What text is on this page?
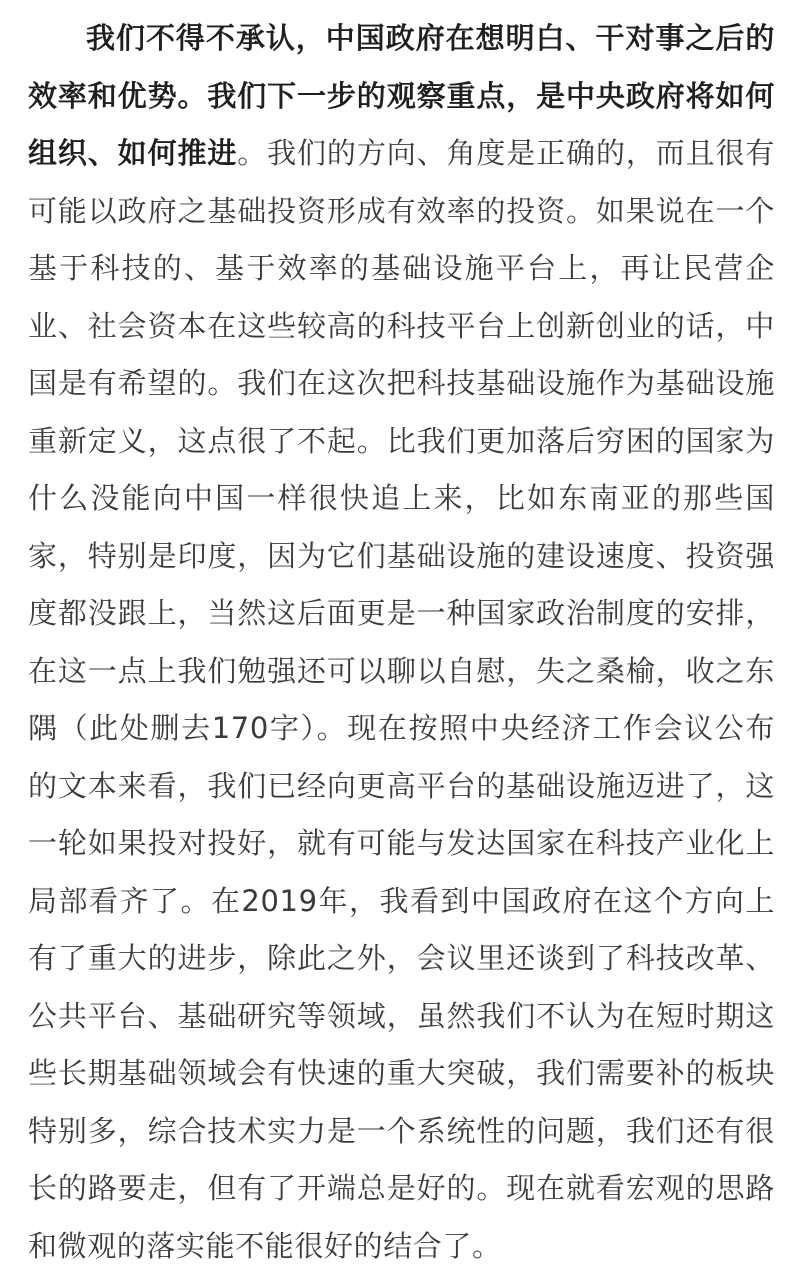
我们不得不承认，中国政府在想明白、干对事之后的效率和优势。我们下一步的观察重点，是中央政府将如何组织、如何推进。我们的方向、角度是正确的，而且很有可能以政府之基础投资形成有效率的投资。如果说在一个基于科技的、基于效率的基础设施平台上，再让民营企业、社会资本在这些较高的科技平台上创新创业的话，中国是有希望的。我们在这次把科技基础设施作为基础设施重新定义，这点很了不起。比我们更加落后穷困的国家为什么没能向中国一样很快追上来，比如东南亚的那些国家，特别是印度，因为它们基础设施的建设速度、投资强度都没跟上，当然这后面更是一种国家政治制度的安排，在这一点上我们勉强还可以聊以自慰，失之桑榆，收之东隅（此处删去170字）。现在按照中央经济工作会议公布的文本来看，我们已经向更高平台的基础设施迈进了，这一轮如果投对投好，就有可能与发达国家在科技产业化上局部看齐了。在2019年，我看到中国政府在这个方向上有了重大的进步，除此之外，会议里还谈到了科技改革、公共平台、基础研究等领域，虽然我们不认为在短时期这些长期基础领域会有快速的重大突破，我们需要补的板块特别多，综合技术实力是一个系统性的问题，我们还有很长的路要走，但有了开端总是好的。现在就看宏观的思路和微观的落实能不能很好的结合了。
